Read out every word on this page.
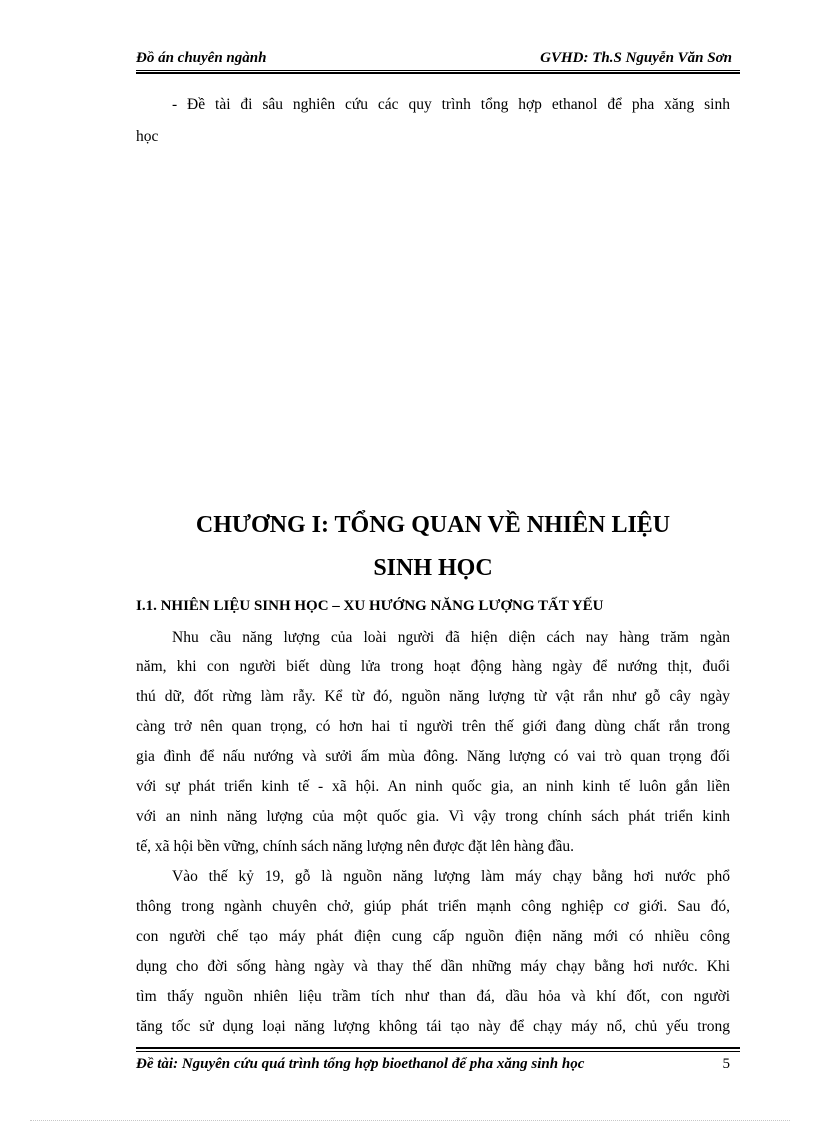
Đồ án chuyên ngành	GVHD: Th.S Nguyễn Văn Sơn
- Đề tài đi sâu nghiên cứu các quy trình tổng hợp ethanol để pha xăng sinh
học
CHƯƠNG I: TỔNG QUAN VỀ NHIÊN LIỆU
SINH HỌC
I.1. NHIÊN LIỆU SINH HỌC – XU HƯỚNG NĂNG LƯỢNG TẤT YẾU
Nhu cầu năng lượng của loài người đã hiện diện cách nay hàng trăm ngàn
năm, khi con người biết dùng lửa trong hoạt động hàng ngày để nướng thịt, đuổi
thú dữ, đốt rừng làm rẫy. Kể từ đó, nguồn năng lượng từ vật rắn như gỗ cây ngày
càng trở nên quan trọng, có hơn hai tỉ người trên thế giới đang dùng chất rắn trong
gia đình để nấu nướng và sưởi ấm mùa đông. Năng lượng có vai trò quan trọng đối
với sự phát triển kinh tế - xã hội. An ninh quốc gia, an ninh kinh tế luôn gắn liền
với an ninh năng lượng của một quốc gia. Vì vậy trong chính sách phát triển kinh
tế, xã hội bền vững, chính sách năng lượng nên được đặt lên hàng đầu.
Vào thế kỷ 19, gỗ là nguồn năng lượng làm máy chạy bằng hơi nước phổ
thông trong ngành chuyên chở, giúp phát triển mạnh công nghiệp cơ giới. Sau đó,
con người chế tạo máy phát điện cung cấp nguồn điện năng mới có nhiều công
dụng cho đời sống hàng ngày và thay thế dần những máy chạy bằng hơi nước. Khi
tìm thấy nguồn nhiên liệu trầm tích như than đá, dầu hỏa và khí đốt, con người
tăng tốc sử dụng loại năng lượng không tái tạo này để chạy máy nổ, chủ yếu trong
Đề tài: Nguyên cứu quá trình tổng hợp bioethanol để pha xăng sinh học	5
